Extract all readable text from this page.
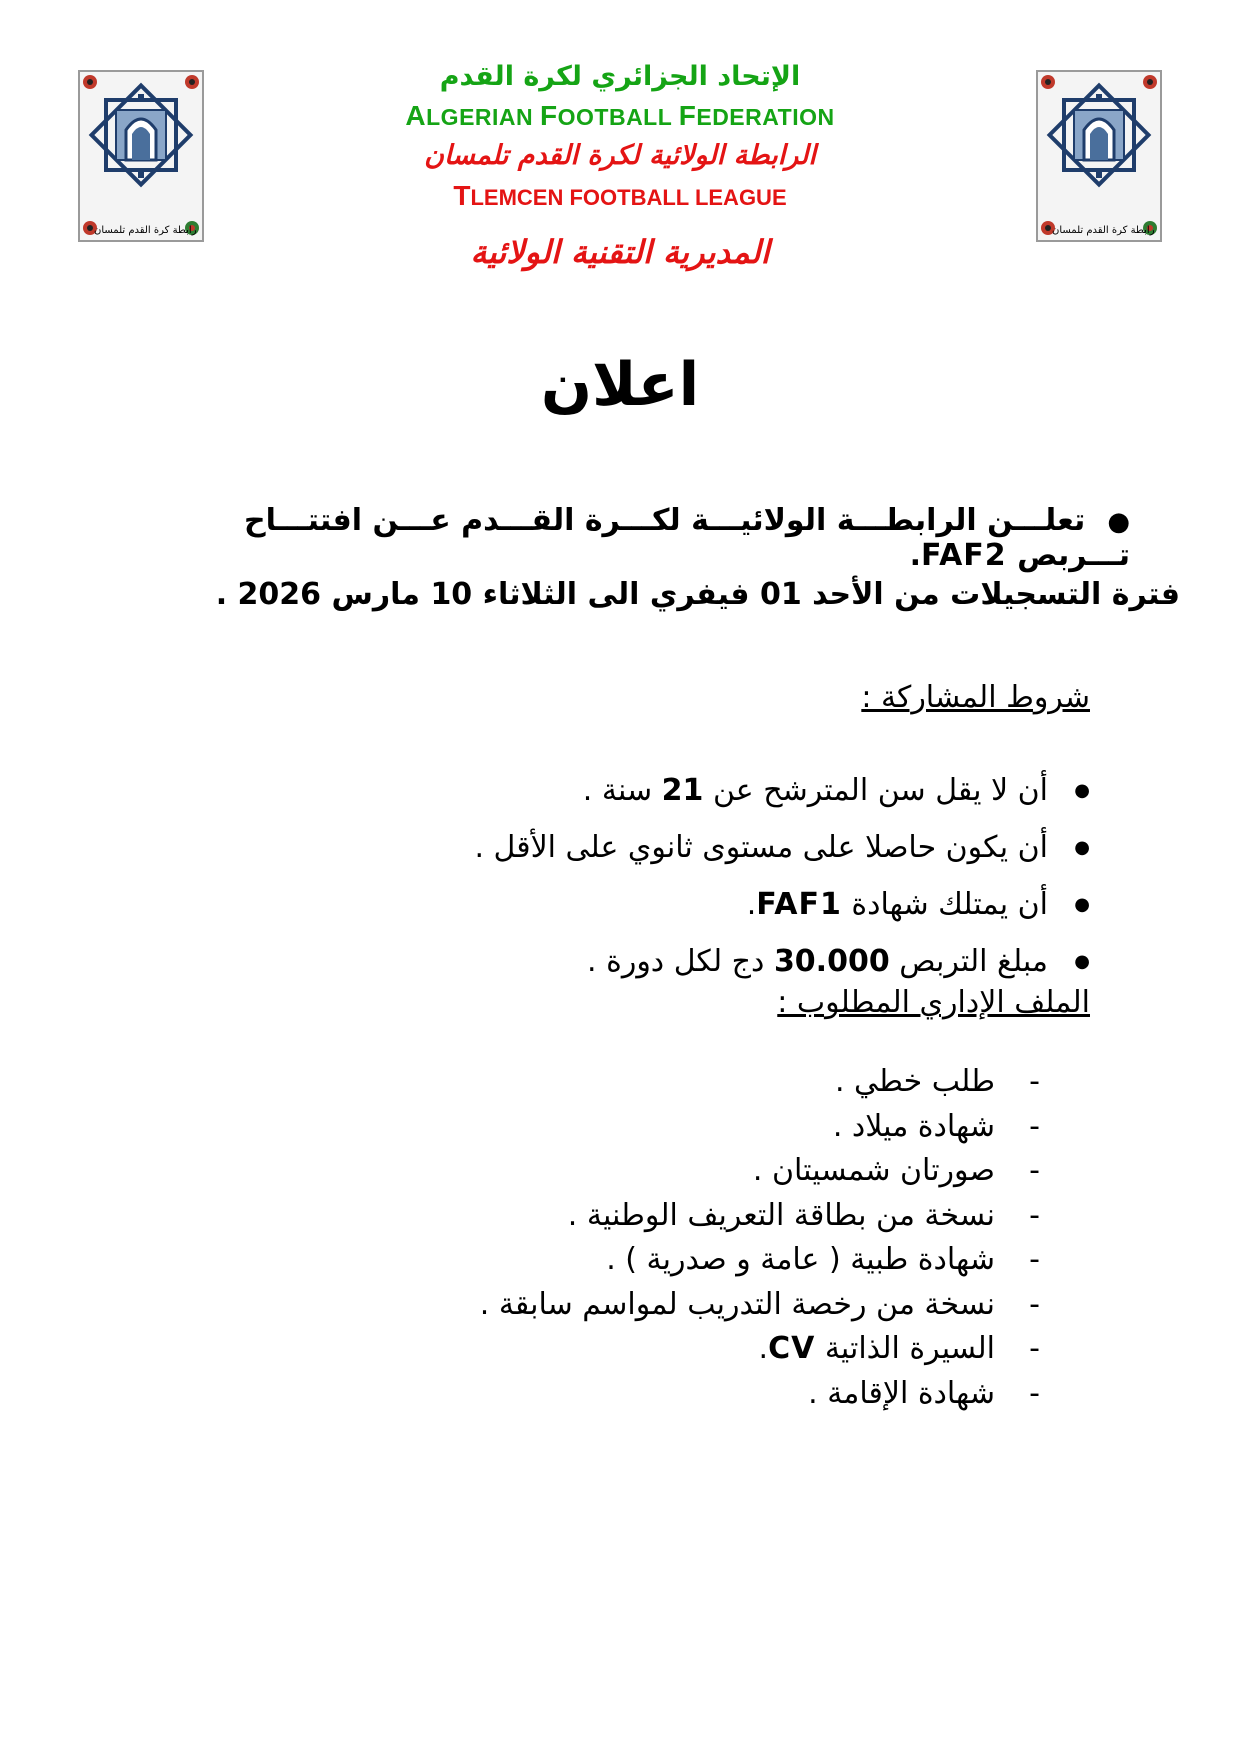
رابطة كرة القدم تلمسان	رابطة كرة القدم تلمسان
الإتحاد الجزائري لكرة القدم
ALGERIAN FOOTBALL FEDERATION
الرابطة الولائية لكرة القدم تلمسان
TLEMCEN FOOTBALL LEAGUE
المديرية التقنية الولائية
اعلان
●تعلـــن الرابطـــة الولائيـــة لكـــرة القـــدم عـــن افتتـــاح تـــربص FAF2.
فترة التسجيلات من الأحد 01 فيفري الى الثلاثاء 10 مارس 2026 .
شروط المشاركة :
● أن لا يقل سن المترشح عن 21 سنة .
● أن يكون حاصلا على مستوى ثانوي على الأقل .
● أن يمتلك شهادة FAF1.
● مبلغ التربص 30.000 دج لكل دورة .
الملف الإداري المطلوب :
- طلب خطي .
- شهادة ميلاد .
- صورتان شمسيتان .
- نسخة من بطاقة التعريف الوطنية .
- شهادة طبية ( عامة و صدرية ) .
- نسخة من رخصة التدريب لمواسم سابقة .
- السيرة الذاتية CV.
- شهادة الإقامة .
